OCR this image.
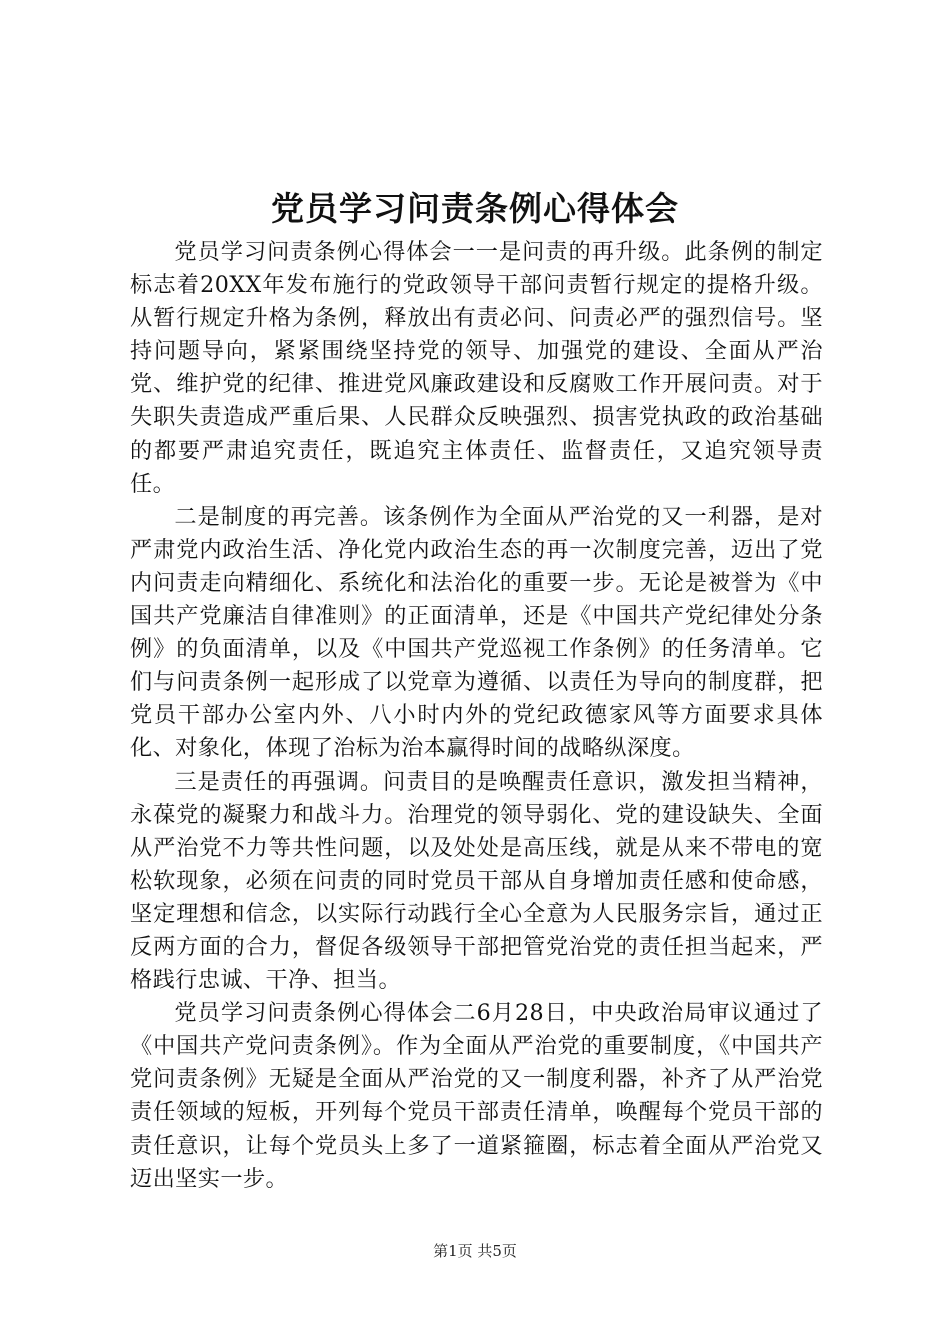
党员学习问责条例心得体会

党员学习问责条例心得体会一一是问责的再升级。此条例的制定标志着20XX年发布施行的党政领导干部问责暂行规定的提格升级。从暂行规定升格为条例，释放出有责必问、问责必严的强烈信号。坚持问题导向，紧紧围绕坚持党的领导、加强党的建设、全面从严治党、维护党的纪律、推进党风廉政建设和反腐败工作开展问责。对于失职失责造成严重后果、人民群众反映强烈、损害党执政的政治基础的都要严肃追究责任，既追究主体责任、监督责任，又追究领导责任。

二是制度的再完善。该条例作为全面从严治党的又一利器，是对严肃党内政治生活、净化党内政治生态的再一次制度完善，迈出了党内问责走向精细化、系统化和法治化的重要一步。无论是被誉为《中国共产党廉洁自律准则》的正面清单，还是《中国共产党纪律处分条例》的负面清单，以及《中国共产党巡视工作条例》的任务清单。它们与问责条例一起形成了以党章为遵循、以责任为导向的制度群，把党员干部办公室内外、八小时内外的党纪政德家风等方面要求具体化、对象化，体现了治标为治本赢得时间的战略纵深度。

三是责任的再强调。问责目的是唤醒责任意识，激发担当精神，永葆党的凝聚力和战斗力。治理党的领导弱化、党的建设缺失、全面从严治党不力等共性问题，以及处处是高压线，就是从来不带电的宽松软现象，必须在问责的同时党员干部从自身增加责任感和使命感，坚定理想和信念，以实际行动践行全心全意为人民服务宗旨，通过正反两方面的合力，督促各级领导干部把管党治党的责任担当起来，严格践行忠诚、干净、担当。

党员学习问责条例心得体会二6月28日，中央政治局审议通过了《中国共产党问责条例》。作为全面从严治党的重要制度，《中国共产党问责条例》无疑是全面从严治党的又一制度利器，补齐了从严治党责任领域的短板，开列每个党员干部责任清单，唤醒每个党员干部的责任意识，让每个党员头上多了一道紧箍圈，标志着全面从严治党又迈出坚实一步。

第1页 共5页
